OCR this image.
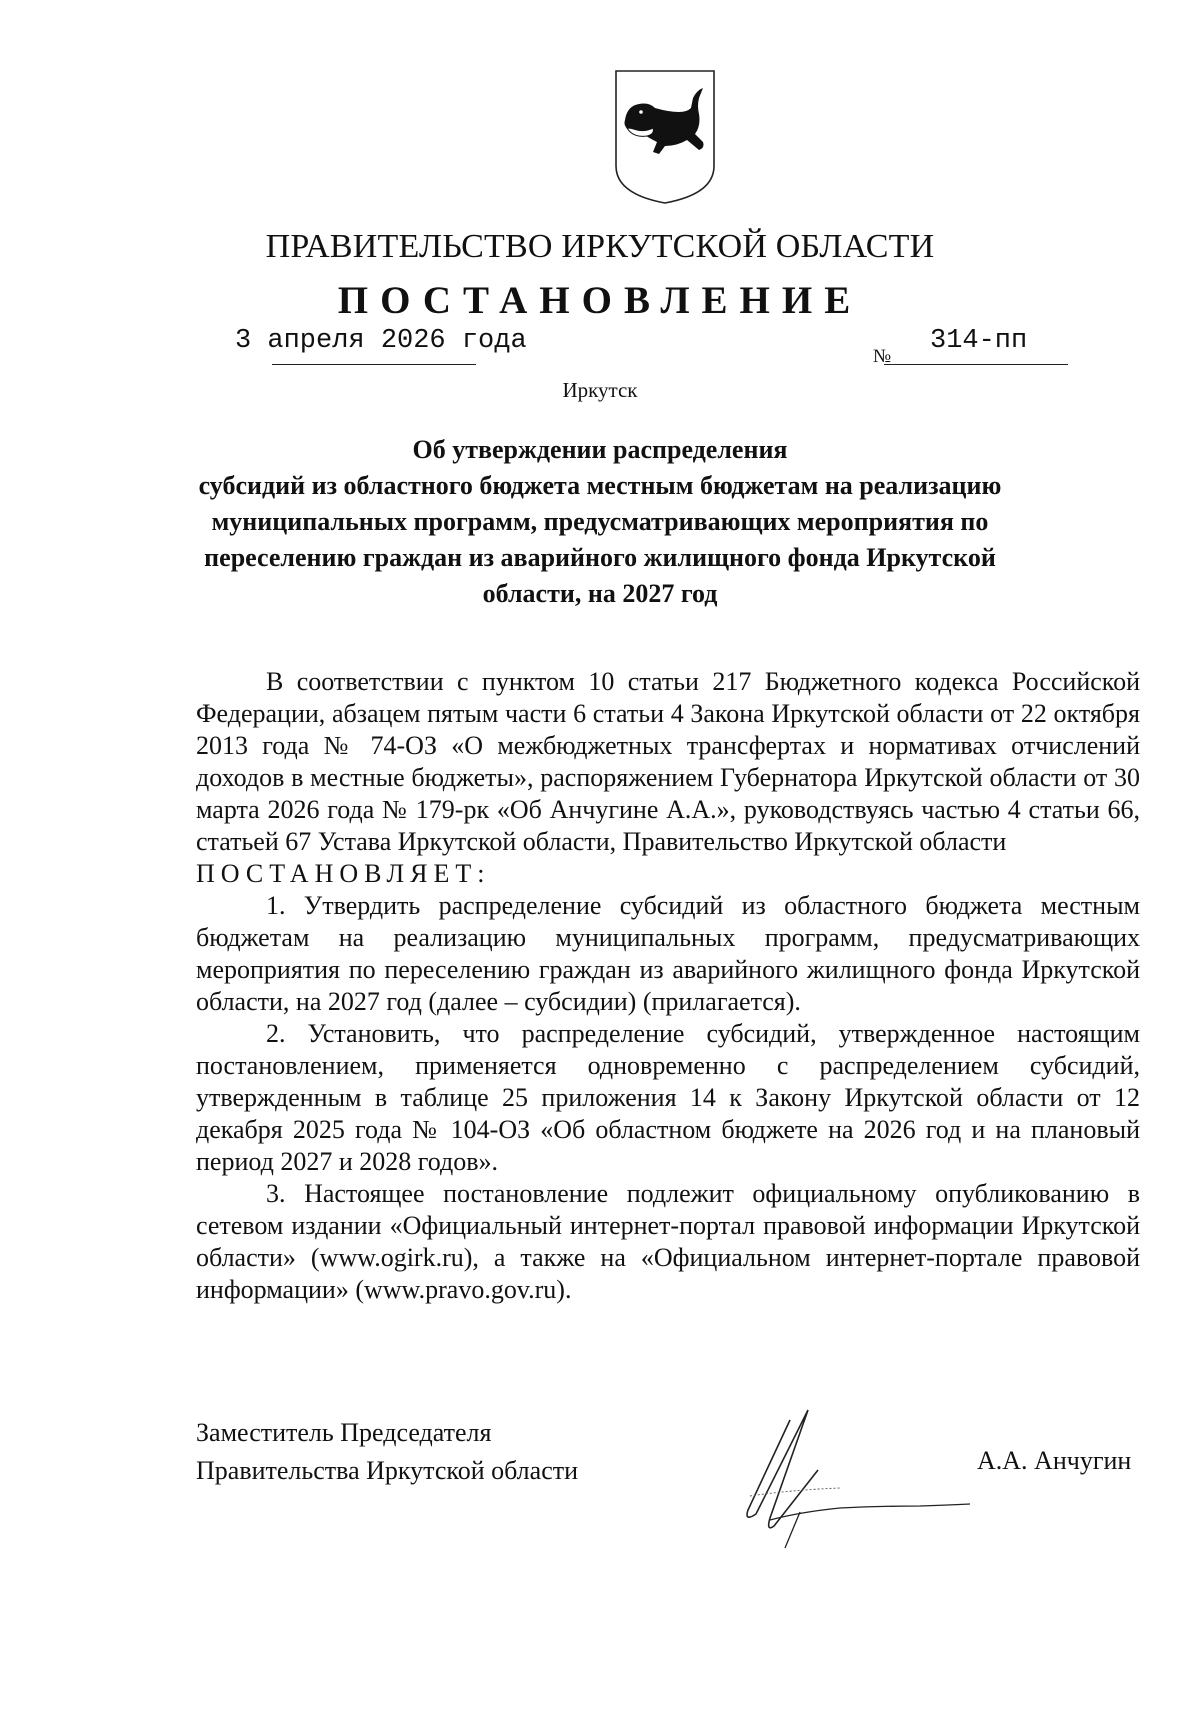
ПРАВИТЕЛЬСТВО ИРКУТСКОЙ ОБЛАСТИ
ПОСТАНОВЛЕНИЕ
3 апреля 2026 года
№
314-пп
Иркутск
Об утверждении распределения
субсидий из областного бюджета местным бюджетам на реализацию
муниципальных программ, предусматривающих мероприятия по
переселению граждан из аварийного жилищного фонда Иркутской
области, на 2027 год

В соответствии с пунктом 10 статьи 217 Бюджетного кодекса Российской Федерации, абзацем пятым части 6 статьи 4 Закона Иркутской области от 22 октября 2013 года № 74-ОЗ «О межбюджетных трансфертах и нормативах отчислений доходов в местные бюджеты», распоряжением Губернатора Иркутской области от 30 марта 2026 года № 179-рк «Об Анчугине А.А.», руководствуясь частью 4 статьи 66, статьей 67 Устава Иркутской области, Правительство Иркутской области

ПОСТАНОВЛЯЕТ:

1. Утвердить распределение субсидий из областного бюджета местным бюджетам на реализацию муниципальных программ, предусматривающих мероприятия по переселению граждан из аварийного жилищного фонда Иркутской области, на 2027 год (далее – субсидии) (прилагается).

2. Установить, что распределение субсидий, утвержденное настоящим постановлением, применяется одновременно с распределением субсидий, утвержденным в таблице 25 приложения 14 к Закону Иркутской области от 12 декабря 2025 года № 104-ОЗ «Об областном бюджете на 2026 год и на плановый период 2027 и 2028 годов».

3. Настоящее постановление подлежит официальному опубликованию в сетевом издании «Официальный интернет-портал правовой информации Иркутской области» (www.ogirk.ru), а также на «Официальном интернет-портале правовой информации» (www.pravo.gov.ru).

Заместитель Председателя
Правительства Иркутской области	А.А. Анчугин
